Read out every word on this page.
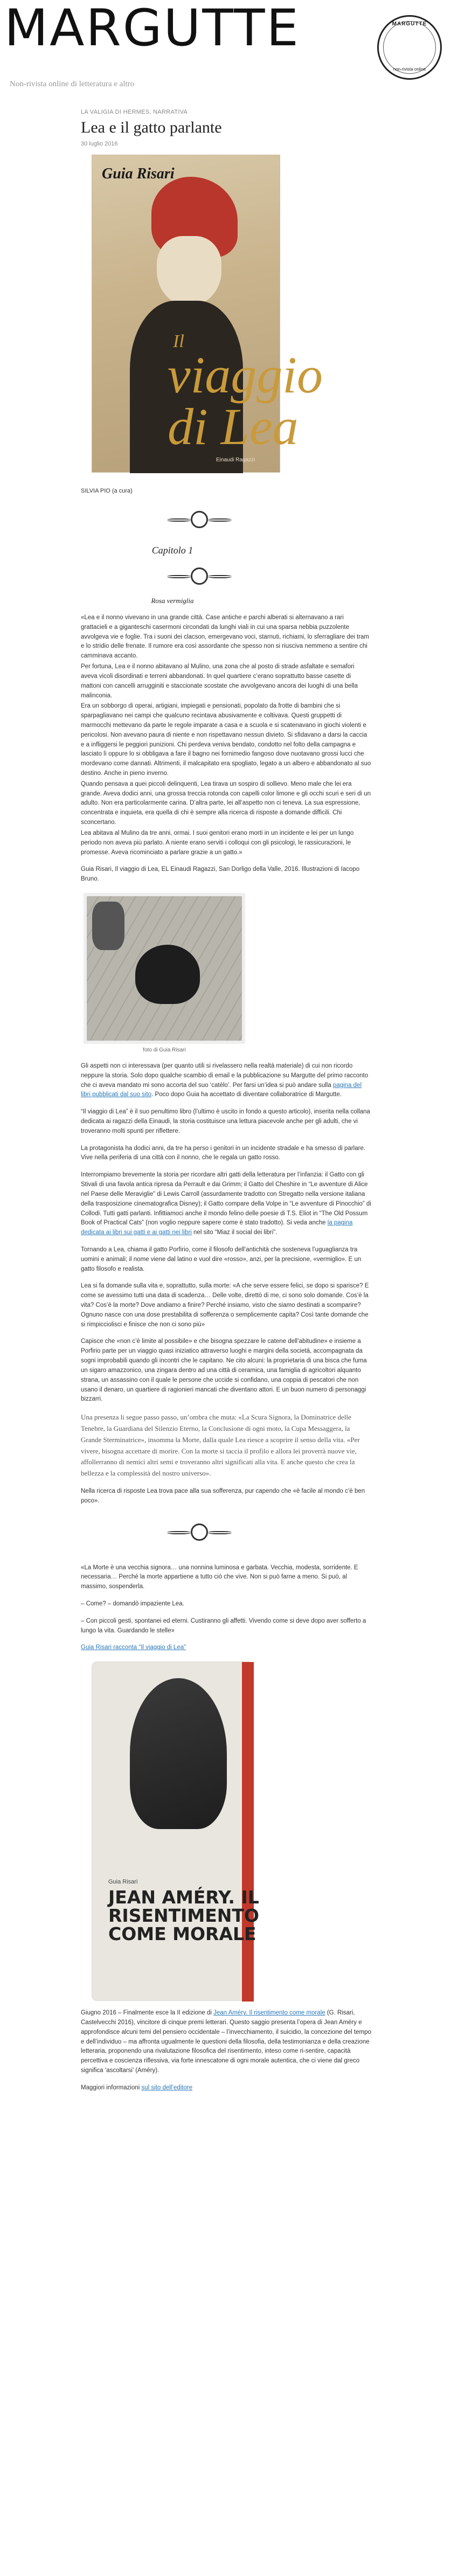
MARGUTTE
Non-rivista online di letteratura e altro
MARGUTTE
non-rivista online
LA VALIGIA DI HERMES, NARRATIVA
Lea e il gatto parlante
30 luglio 2016
Guia Risari
Il
viaggio di Lea
Einaudi Ragazzi
SILVIA PIO (a cura)
Capitolo 1
Rosa vermiglia

«Lea e il nonno vivevano in una grande città. Case antiche e parchi alberati si alternavano a rari grattacieli e a giganteschi casermoni circondati da lunghi viali in cui una sparsa nebbia puzzolente avvolgeva vie e foglie. Tra i suoni dei clacson, emergevano voci, starnuti, richiami, lo sferragliare dei tram e lo stridio delle frenate. Il rumore era così assordante che spesso non si riusciva nemmeno a sentire chi camminava accanto.

Per fortuna, Lea e il nonno abitavano al Mulino, una zona che al posto di strade asfaltate e semafori aveva vicoli disordinati e terreni abbandonati. In quel quartiere c’erano soprattutto basse casette di mattoni con cancelli arrugginiti e staccionate scostate che avvolgevano ancora dei luoghi di una bella malinconia.

Era un sobborgo di operai, artigiani, impiegati e pensionati, popolato da frotte di bambini che si sparpagliavano nei campi che qualcuno recintava abusivamente e coltivava. Questi gruppetti di marmocchi mettevano da parte le regole imparate a casa e a scuola e si scatenavano in giochi violenti e pericolosi. Non avevano paura di niente e non rispettavano nessun divieto. Si sfidavano a darsi la caccia e a infliggersi le peggiori punizioni. Chi perdeva veniva bendato, condotto nel folto della campagna e lasciato lì oppure lo si obbligava a fare il bagno nei fornimedio fangoso dove nuotavano grossi lucci che mordevano come dannati. Altrimenti, il malcapitato era spogliato, legato a un albero e abbandonato al suo destino. Anche in pieno inverno.

Quando pensava a quei piccoli delinquenti, Lea tirava un sospiro di sollievo. Meno male che lei era grande. Aveva dodici anni, una grossa treccia rotonda con capelli color limone e gli occhi scuri e seri di un adulto. Non era particolarmente carina. D’altra parte, lei all’aspetto non ci teneva. La sua espressione, concentrata e inquieta, era quella di chi è sempre alla ricerca di risposte a domande difficili. Chi sconcertano.

Lea abitava al Mulino da tre anni, ormai. I suoi genitori erano morti in un incidente e lei per un lungo periodo non aveva più parlato. A niente erano serviti i colloqui con gli psicologi, le rassicurazioni, le promesse. Aveva ricominciato a parlare grazie a un gatto.»

Guia Risari, Il viaggio di Lea, EL Einaudi Ragazzi, San Dorligo della Valle, 2016. Illustrazioni di Iacopo Bruno.

foto di Guia Risari

Gli aspetti non ci interessava (per quanto utili si rivelassero nella realtà materiale) di cui non ricordo neppure la storia. Solo dopo qualche scambio di email e la pubblicazione su Margutte del primo racconto che ci aveva mandato mi sono accorta del suo ‘catèlo’. Per farsi un’idea si può andare sulla pagina del libri pubblicati dal suo sito. Poco dopo Guia ha accettato di diventare collaboratrice di Margutte.

“Il viaggio di Lea” è il suo penultimo libro (l’ultimo è uscito in fondo a questo articolo), inserita nella collana dedicata ai ragazzi della Einaudi, la storia costituisce una lettura piacevole anche per gli adulti, che vi troveranno molti spunti per riflettere.

La protagonista ha dodici anni, da tre ha perso i genitori in un incidente stradale e ha smesso di parlare. Vive nella periferia di una città con il nonno, che le regala un gatto rosso.

Interrompiamo brevemente la storia per ricordare altri gatti della letteratura per l’infanzia: il Gatto con gli Stivali di una favola antica ripresa da Perrault e dai Grimm; il Gatto del Cheshire in “Le avventure di Alice nel Paese delle Meraviglie” di Lewis Carroll (assurdamente tradotto con Stregatto nella versione italiana della trasposizione cinematografica Disney); il Gatto compare della Volpe in “Le avventure di Pinocchio” di Collodi. Tutti gatti parlanti. Infittiamoci anche il mondo felino delle poesie di T.S. Eliot in “The Old Possum Book of Practical Cats” (non voglio neppure sapere come è stato tradotto). Si veda anche la pagina dedicata ai libri sui gatti e ai gatti nei libri nel sito “Miaz il social dei libri”.

Tornando a Lea, chiama il gatto Porfirio, come il filosofo dell’antichità che sosteneva l’uguaglianza tra uomini e animali; il nome viene dal latino e vuol dire «rosso», anzi, per la precisione, «vermiglio». E un gatto filosofo e realista.

Lea si fa domande sulla vita e, soprattutto, sulla morte: «A che serve essere felici, se dopo si sparisce? E come se avessimo tutti una data di scadenza… Delle volte, direttò di me, ci sono solo domande. Cos’è la vita? Cos’è la morte? Dove andiamo a finire? Perché insiamo, visto che siamo destinati a scomparire? Ognuno nasce con una dose prestabilita di sofferenza o semplicemente capita? Così tante domande che si rimpicciolisci e finisce che non ci sono più»

Capisce che «non c’è limite al possibile» e che bisogna spezzare le catene dell’abitudine» e insieme a Porfirio parte per un viaggio quasi iniziatico attraverso luoghi e margini della società, accompagnata da sogni improbabili quando gli incontri che le capitano. Ne cito alcuni: la proprietaria di una bisca che fuma un sigaro amazzonico, una zingara dentro ad una città di ceramica, una famiglia di agricoltori alquanto strana, un assassino con il quale le persone che uccide si confidano, una coppia di pescatori che non usano il denaro, un quartiere di ragionieri mancati che diventano attori. E un buon numero di personaggi bizzarri.

Una presenza li segue passo passo, un’ombra che muta: «La Scura Signora, la Dominatrice delle Tenebre, la Guardiana del Silenzio Eterno, la Conclusione di ogni moto, la Cupa Messaggera, la Grande Sterminatrice», insomma la Morte, dalla quale Lea riesce a scoprire il senso della vita. «Per vivere, bisogna accettare di morire. Con la morte si taccia il profilo e allora lei proverrà nuove vie, affollerranno di nemici altri semi e troveranno altri significati alla vita. E anche questo che crea la bellezza e la complessità del nostro universo».

Nella ricerca di risposte Lea trova pace alla sua sofferenza, pur capendo che «è facile al mondo c’è ben poco».

«La Morte è una vecchia signora… una nonnina luminosa e garbata. Vecchia, modesta, sorridente. E necessaria… Perché la morte appartiene a tutto ciò che vive. Non si può farne a meno. Si può, al massimo, sospenderla.

– Come? – domandò impaziente Lea.

– Con piccoli gesti, spontanei ed eterni. Custiranno gli affetti. Vivendo come si deve dopo aver sofferto a lungo la vita. Guardando le stelle»

Guia Risari racconta “Il viaggio di Lea”

Guia Risari
JEAN AMÉRY. IL RISENTIMENTO COME MORALE

Giugno 2016 – Finalmente esce la II edizione di Jean Améry. Il risentimento come morale (G. Risari, Castelvecchi 2016), vincitore di cinque premi letterari. Questo saggio presenta l’opera di Jean Améry e approfondisce alcuni temi del pensiero occidentale – l’invecchiamento, il suicidio, la concezione del tempo e dell’individuo – ma affronta ugualmente le questioni della filosofia, della testimonianza e della creazione letteraria, proponendo una rivalutazione filosofica del risentimento, inteso come ri-sentire, capacità percettiva e coscienza riflessiva, via forte innescatone di ogni morale autentica, che ci viene dal greco significa ‘ascoltarsi’ (Améry).

Maggiori informazioni sul sito dell’editore
